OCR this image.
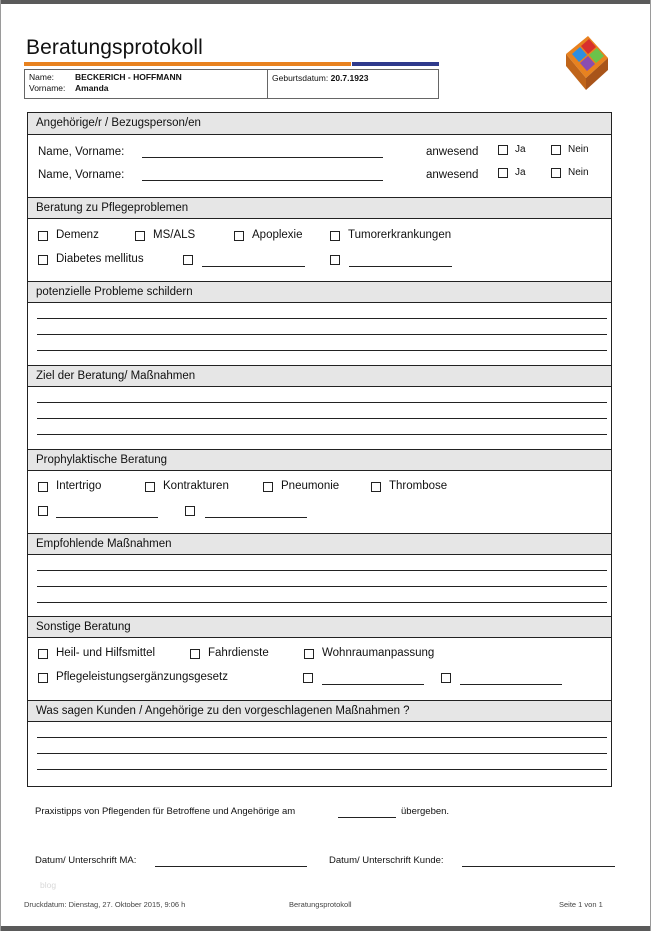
Beratungsprotokoll
Name: BECKERICH - HOFFMANN
Vorname: Amanda
Geburtsdatum: 20.7.1923
Angehörige/r / Bezugsperson/en
Name, Vorname:	anwesend	Ja	Nein
Name, Vorname:	anwesend	Ja	Nein
Beratung zu Pflegeproblemen
Demenz	MS/ALS	Apoplexie	Tumorerkrankungen
Diabetes mellitus
potenzielle Probleme schildern
Ziel der Beratung/ Maßnahmen
Prophylaktische Beratung
Intertrigo	Kontrakturen	Pneumonie	Thrombose
Empfohlende Maßnahmen
Sonstige Beratung
Heil- und Hilfsmittel	Fahrdienste	Wohnraumanpassung
Pflegeleistungsergänzungsgesetz
Was sagen Kunden / Angehörige zu den vorgeschlagenen Maßnahmen ?
Praxistipps von Pflegenden für Betroffene und Angehörige am	übergeben.
Datum/ Unterschrift MA:	Datum/ Unterschrift Kunde:
blog
Druckdatum: Dienstag, 27. Oktober 2015, 9:06 h	Beratungsprotokoll	Seite 1 von 1
